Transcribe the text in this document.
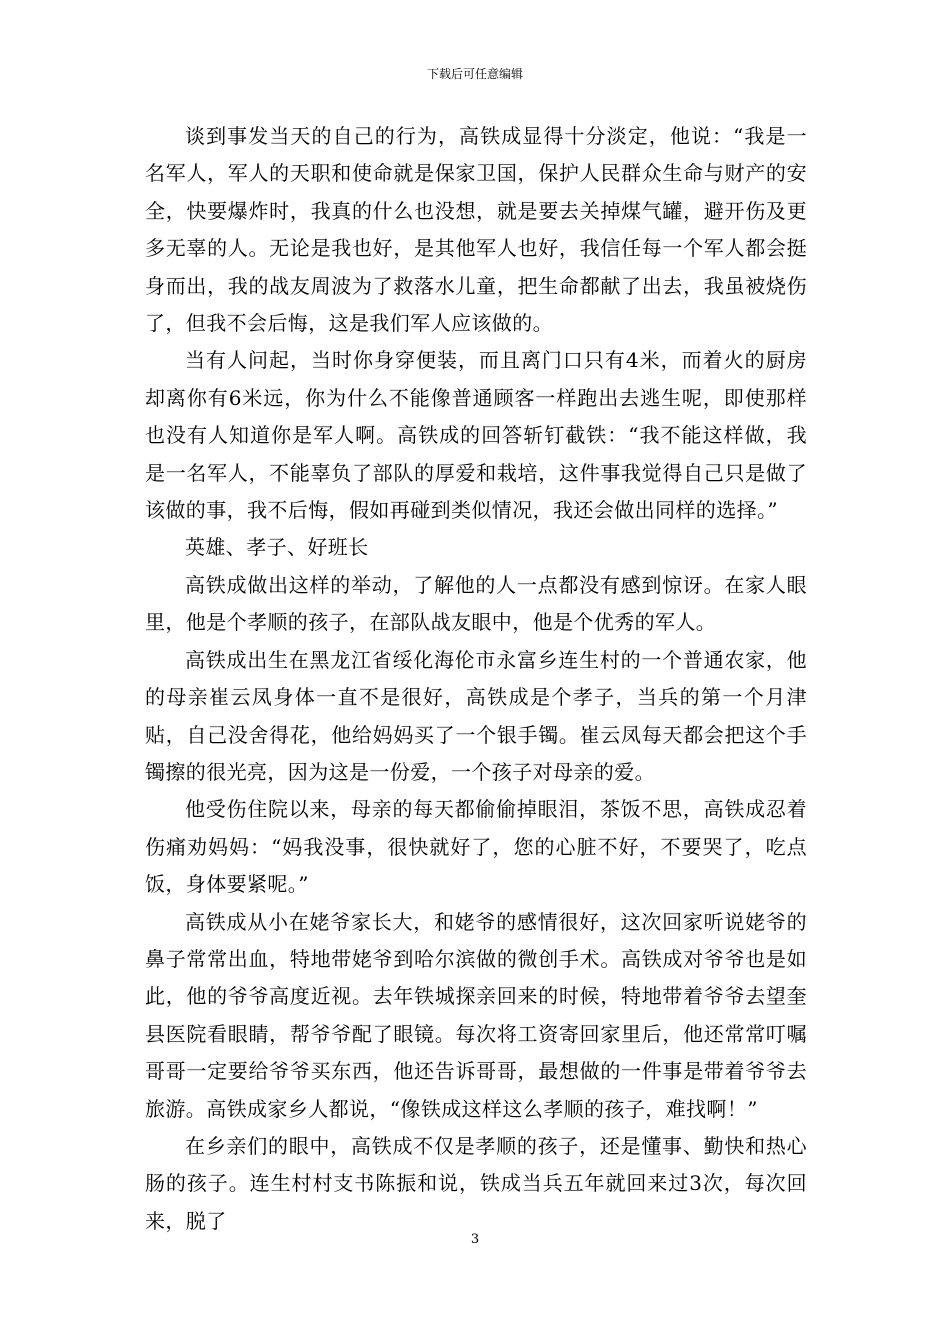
下载后可任意编辑

谈到事发当天的自己的行为，高铁成显得十分淡定，他说：“我是一名军人，军人的天职和使命就是保家卫国，保护人民群众生命与财产的安全，快要爆炸时，我真的什么也没想，就是要去关掉煤气罐，避开伤及更多无辜的人。无论是我也好，是其他军人也好，我信任每一个军人都会挺身而出，我的战友周波为了救落水儿童，把生命都献了出去，我虽被烧伤了，但我不会后悔，这是我们军人应该做的。

当有人问起，当时你身穿便装，而且离门口只有4米，而着火的厨房却离你有6米远，你为什么不能像普通顾客一样跑出去逃生呢，即使那样也没有人知道你是军人啊。高铁成的回答斩钉截铁：“我不能这样做，我是一名军人，不能辜负了部队的厚爱和栽培，这件事我觉得自己只是做了该做的事，我不后悔，假如再碰到类似情况，我还会做出同样的选择。”

英雄、孝子、好班长

高铁成做出这样的举动，了解他的人一点都没有感到惊讶。在家人眼里，他是个孝顺的孩子，在部队战友眼中，他是个优秀的军人。

高铁成出生在黑龙江省绥化海伦市永富乡连生村的一个普通农家，他的母亲崔云凤身体一直不是很好，高铁成是个孝子，当兵的第一个月津贴，自己没舍得花，他给妈妈买了一个银手镯。崔云凤每天都会把这个手镯擦的很光亮，因为这是一份爱，一个孩子对母亲的爱。

他受伤住院以来，母亲的每天都偷偷掉眼泪，茶饭不思，高铁成忍着伤痛劝妈妈：“妈我没事，很快就好了，您的心脏不好，不要哭了，吃点饭，身体要紧呢。”

高铁成从小在姥爷家长大，和姥爷的感情很好，这次回家听说姥爷的鼻子常常出血，特地带姥爷到哈尔滨做的微创手术。高铁成对爷爷也是如此，他的爷爷高度近视。去年铁城探亲回来的时候，特地带着爷爷去望奎县医院看眼睛，帮爷爷配了眼镜。每次将工资寄回家里后，他还常常叮嘱哥哥一定要给爷爷买东西，他还告诉哥哥，最想做的一件事是带着爷爷去旅游。高铁成家乡人都说，“像铁成这样这么孝顺的孩子，难找啊！”

在乡亲们的眼中，高铁成不仅是孝顺的孩子，还是懂事、勤快和热心肠的孩子。连生村村支书陈振和说，铁成当兵五年就回来过3次，每次回来，脱了

3
